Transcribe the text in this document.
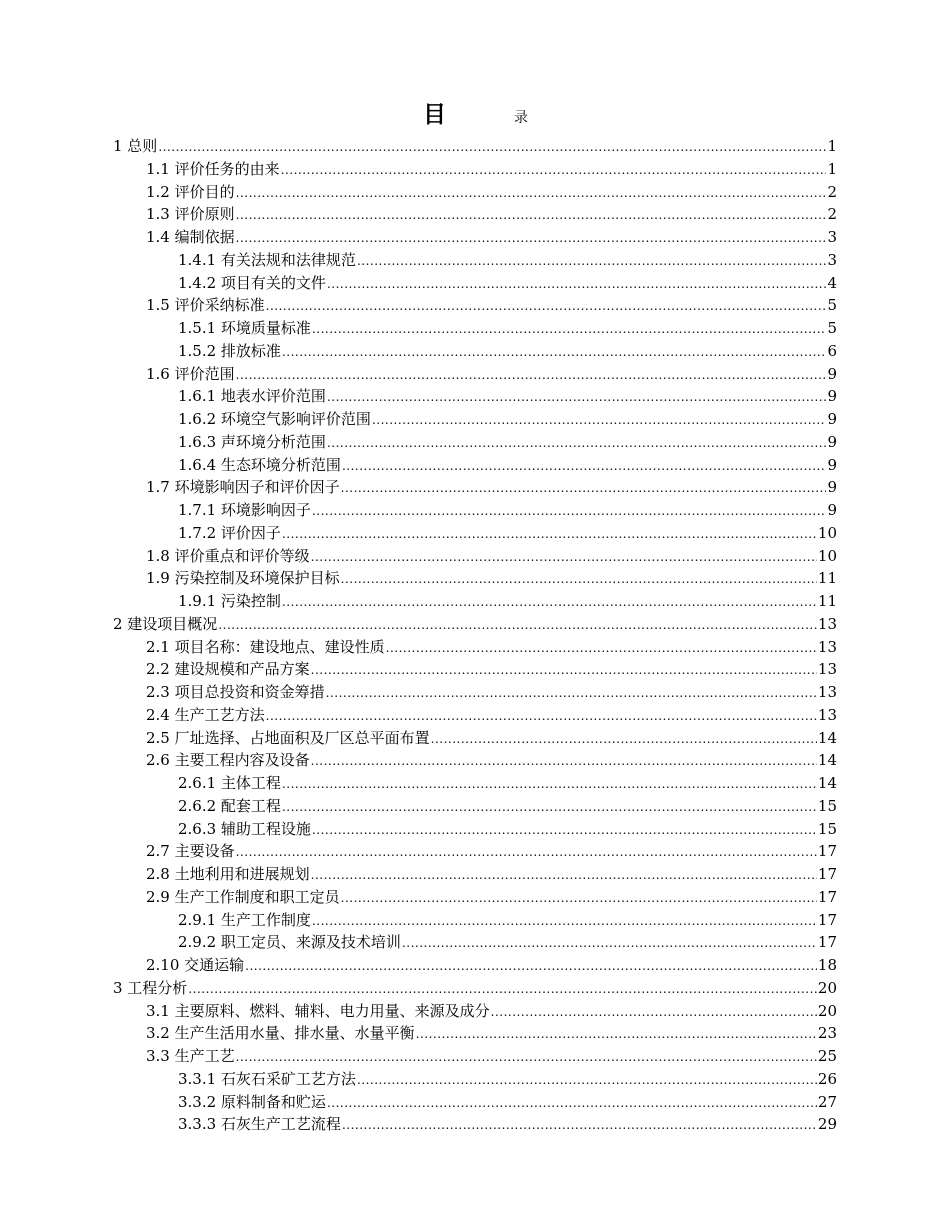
目	录
1 总则 .....	1
1.1 评价任务的由来 .....	1
1.2 评价目的 .....	2
1.3 评价原则 .....	2
1.4 编制依据 .....	3
1.4.1 有关法规和法律规范 .....	3
1.4.2 项目有关的文件 .....	4
1.5 评价采纳标准 .....	5
1.5.1 环境质量标准 .....	5
1.5.2 排放标准 .....	6
1.6 评价范围 .....	9
1.6.1 地表水评价范围 .....	9
1.6.2 环境空气影响评价范围 .....	9
1.6.3 声环境分析范围 .....	9
1.6.4 生态环境分析范围 .....	9
1.7 环境影响因子和评价因子 .....	9
1.7.1 环境影响因子 .....	9
1.7.2 评价因子 .....	10
1.8 评价重点和评价等级 .....	10
1.9 污染控制及环境保护目标 .....	11
1.9.1 污染控制 .....	11
2 建设项目概况 .....	13
2.1 项目名称：建设地点、建设性质 .....	13
2.2 建设规模和产品方案 .....	13
2.3 项目总投资和资金筹措 .....	13
2.4 生产工艺方法 .....	13
2.5 厂址选择、占地面积及厂区总平面布置 .....	14
2.6 主要工程内容及设备 .....	14
2.6.1 主体工程 .....	14
2.6.2 配套工程 .....	15
2.6.3 辅助工程设施 .....	15
2.7 主要设备 .....	17
2.8 土地利用和进展规划 .....	17
2.9 生产工作制度和职工定员 .....	17
2.9.1 生产工作制度 .....	17
2.9.2 职工定员、来源及技术培训 .....	17
2.10 交通运输 .....	18
3 工程分析 .....	20
3.1 主要原料、燃料、辅料、电力用量、来源及成分 .....	20
3.2 生产生活用水量、排水量、水量平衡 .....	23
3.3 生产工艺 .....	25
3.3.1 石灰石采矿工艺方法 .....	26
3.3.2 原料制备和贮运 .....	27
3.3.3 石灰生产工艺流程 .....	29
